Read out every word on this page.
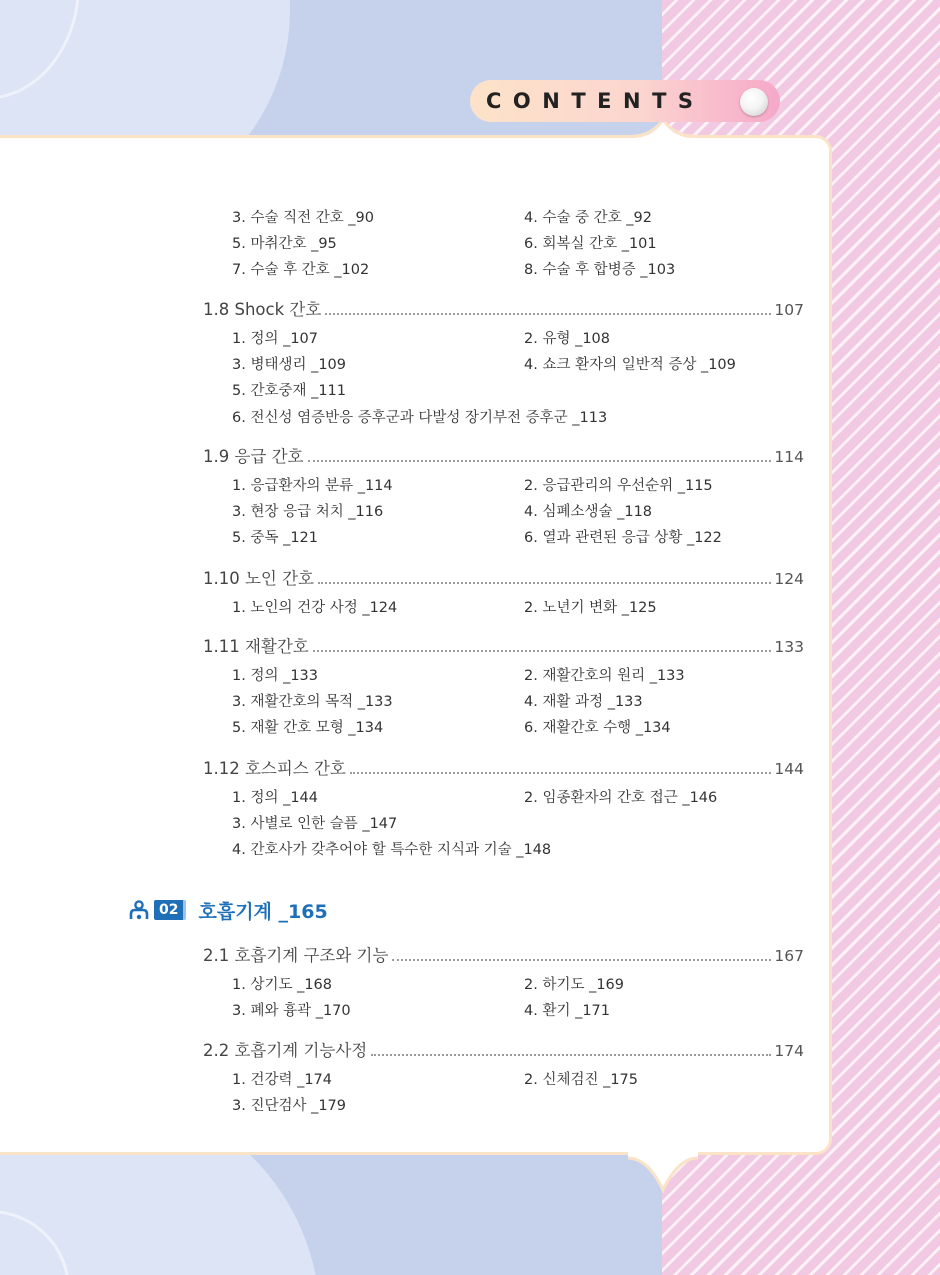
CONTENTS
02	호흡기계 _165
3. 수술 직전 간호 _90	4. 수술 중 간호 _92
5. 마취간호 _95	6. 회복실 간호 _101
7. 수술 후 간호 _102	8. 수술 후 합병증 _103
1.8 Shock 간호	107
1. 정의 _107	2. 유형 _108
3. 병태생리 _109	4. 쇼크 환자의 일반적 증상 _109
5. 간호중재 _111
6. 전신성 염증반응 증후군과 다발성 장기부전 증후군 _113
1.9 응급 간호	114
1. 응급환자의 분류 _114	2. 응급관리의 우선순위 _115
3. 현장 응급 처치 _116	4. 심폐소생술 _118
5. 중독 _121	6. 열과 관련된 응급 상황 _122
1.10 노인 간호	124
1. 노인의 건강 사정 _124	2. 노년기 변화 _125
1.11 재활간호	133
1. 정의 _133	2. 재활간호의 원리 _133
3. 재활간호의 목적 _133	4. 재활 과정 _133
5. 재활 간호 모형 _134	6. 재활간호 수행 _134
1.12 호스피스 간호	144
1. 정의 _144	2. 임종환자의 간호 접근 _146
3. 사별로 인한 슬픔 _147
4. 간호사가 갖추어야 할 특수한 지식과 기술 _148
2.1 호흡기계 구조와 기능	167
1. 상기도 _168	2. 하기도 _169
3. 폐와 흉곽 _170	4. 환기 _171
2.2 호흡기계 기능사정	174
1. 건강력 _174	2. 신체검진 _175
3. 진단검사 _179
